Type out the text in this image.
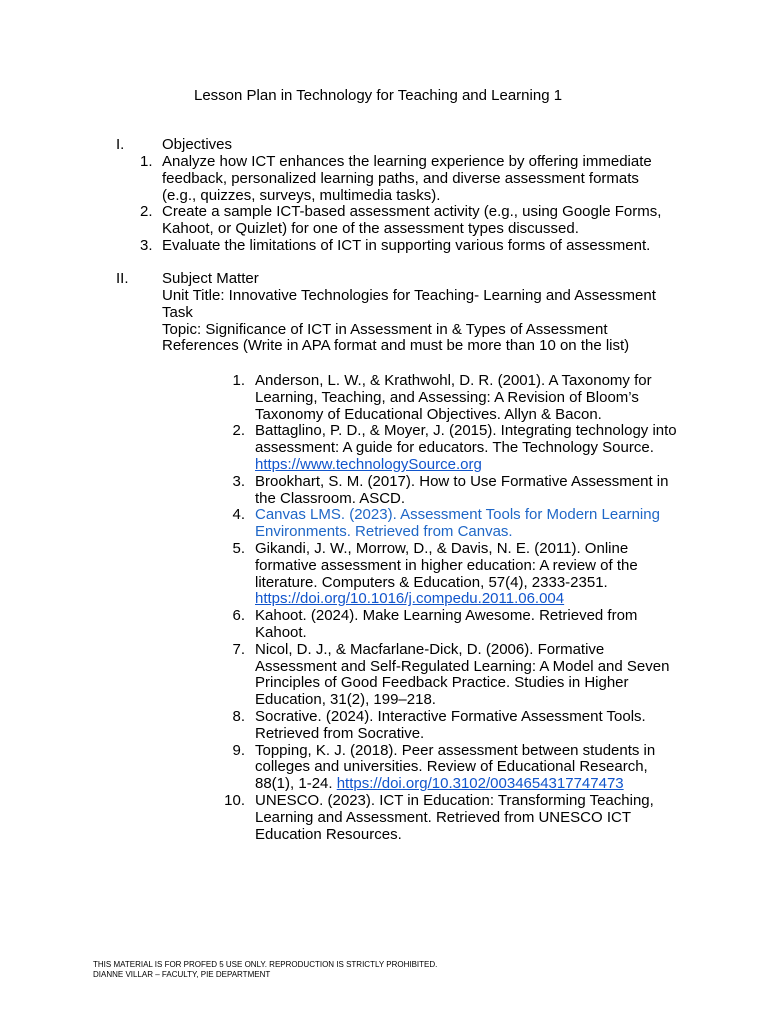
Lesson Plan in Technology for Teaching and Learning 1
I.	Objectives
1. Analyze how ICT enhances the learning experience by offering immediate feedback, personalized learning paths, and diverse assessment formats (e.g., quizzes, surveys, multimedia tasks).
2. Create a sample ICT-based assessment activity (e.g., using Google Forms, Kahoot, or Quizlet) for one of the assessment types discussed.
3. Evaluate the limitations of ICT in supporting various forms of assessment.
II. Subject Matter
Unit Title: Innovative Technologies for Teaching- Learning and Assessment Task
Topic: Significance of ICT in Assessment in & Types of Assessment
References (Write in APA format and must be more than 10 on the list)
1. Anderson, L. W., & Krathwohl, D. R. (2001). A Taxonomy for Learning, Teaching, and Assessing: A Revision of Bloom’s Taxonomy of Educational Objectives. Allyn & Bacon.
2. Battaglino, P. D., & Moyer, J. (2015). Integrating technology into assessment: A guide for educators. The Technology Source. https://www.technologySource.org
3. Brookhart, S. M. (2017). How to Use Formative Assessment in the Classroom. ASCD.
4. Canvas LMS. (2023). Assessment Tools for Modern Learning Environments. Retrieved from Canvas.
5. Gikandi, J. W., Morrow, D., & Davis, N. E. (2011). Online formative assessment in higher education: A review of the literature. Computers & Education, 57(4), 2333-2351. https://doi.org/10.1016/j.compedu.2011.06.004
6. Kahoot. (2024). Make Learning Awesome. Retrieved from Kahoot.
7. Nicol, D. J., & Macfarlane-Dick, D. (2006). Formative Assessment and Self-Regulated Learning: A Model and Seven Principles of Good Feedback Practice. Studies in Higher Education, 31(2), 199–218.
8. Socrative. (2024). Interactive Formative Assessment Tools. Retrieved from Socrative.
9. Topping, K. J. (2018). Peer assessment between students in colleges and universities. Review of Educational Research, 88(1), 1-24. https://doi.org/10.3102/0034654317747473
10. UNESCO. (2023). ICT in Education: Transforming Teaching, Learning and Assessment. Retrieved from UNESCO ICT Education Resources.
THIS MATERIAL IS FOR PROFED 5 USE ONLY. REPRODUCTION IS STRICTLY PROHIBITED.
DIANNE VILLAR – FACULTY, PIE DEPARTMENT
